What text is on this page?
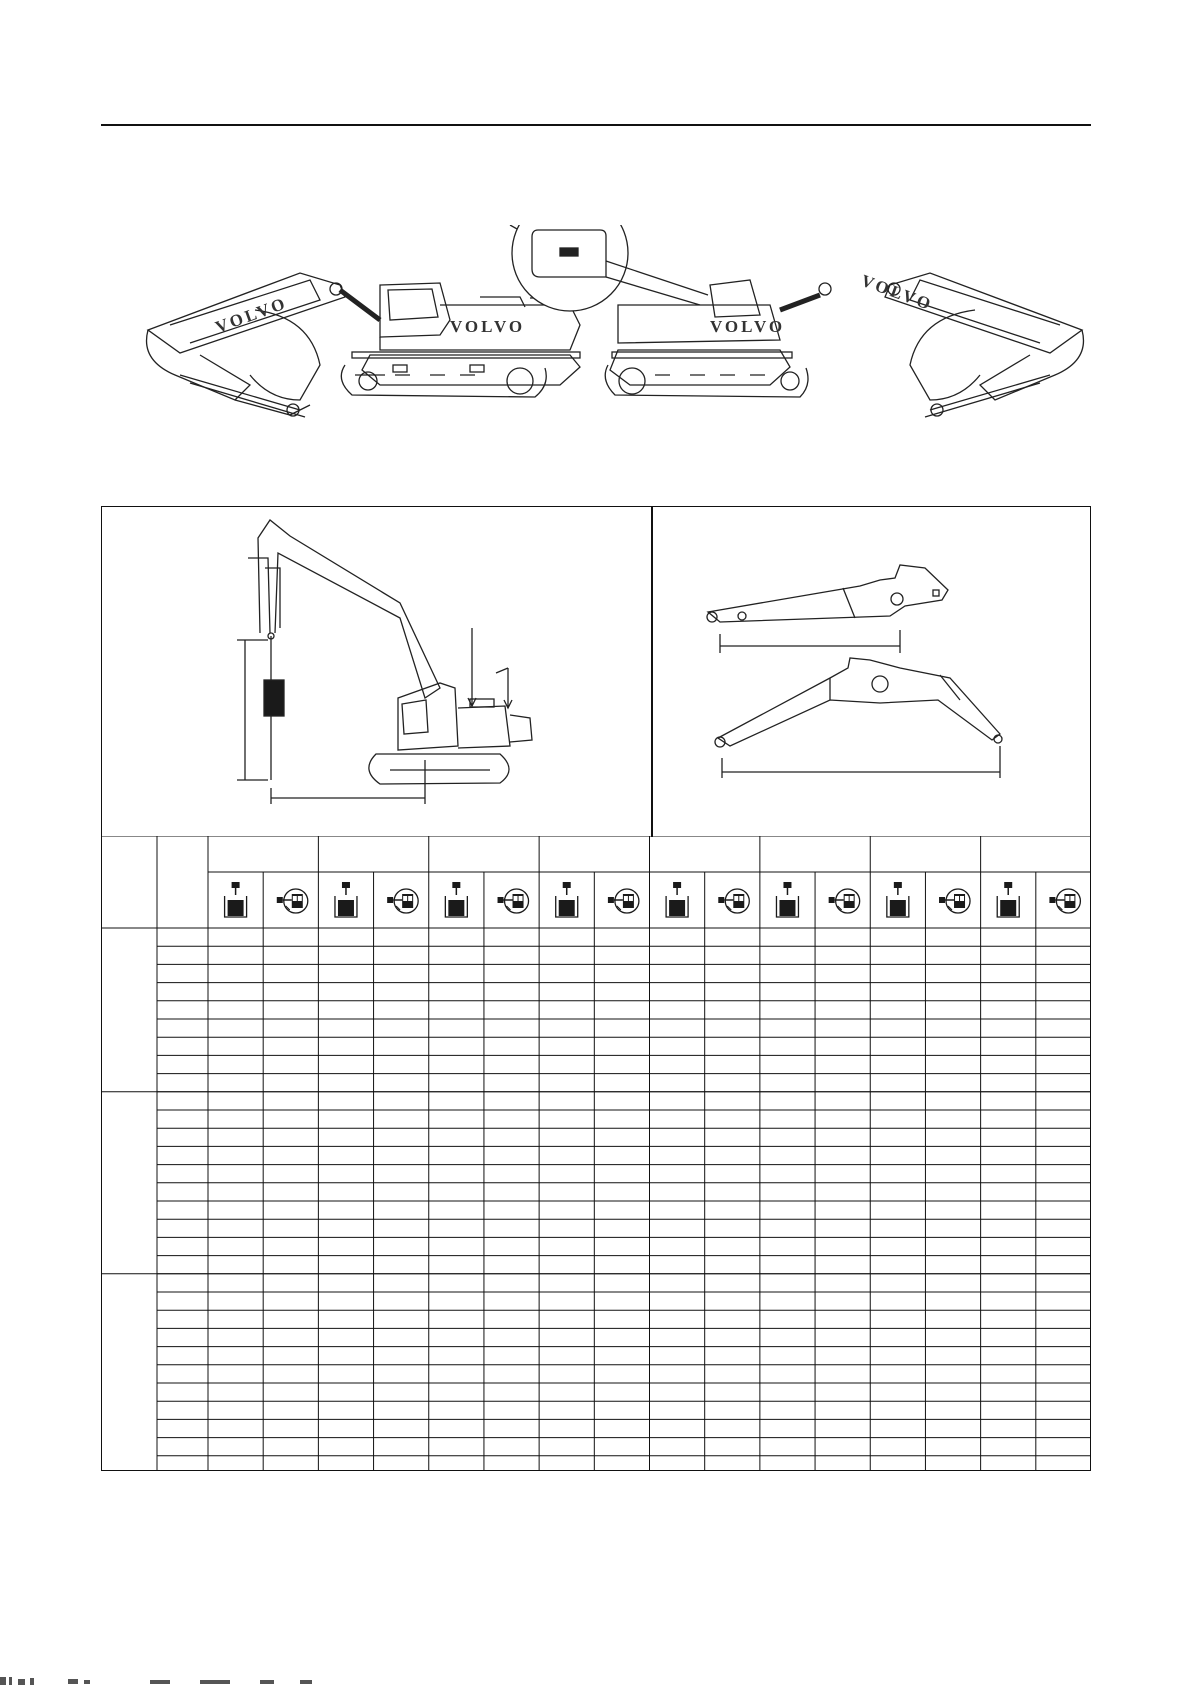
VOLVO	VOLVO
VOLVO
VOLVO
